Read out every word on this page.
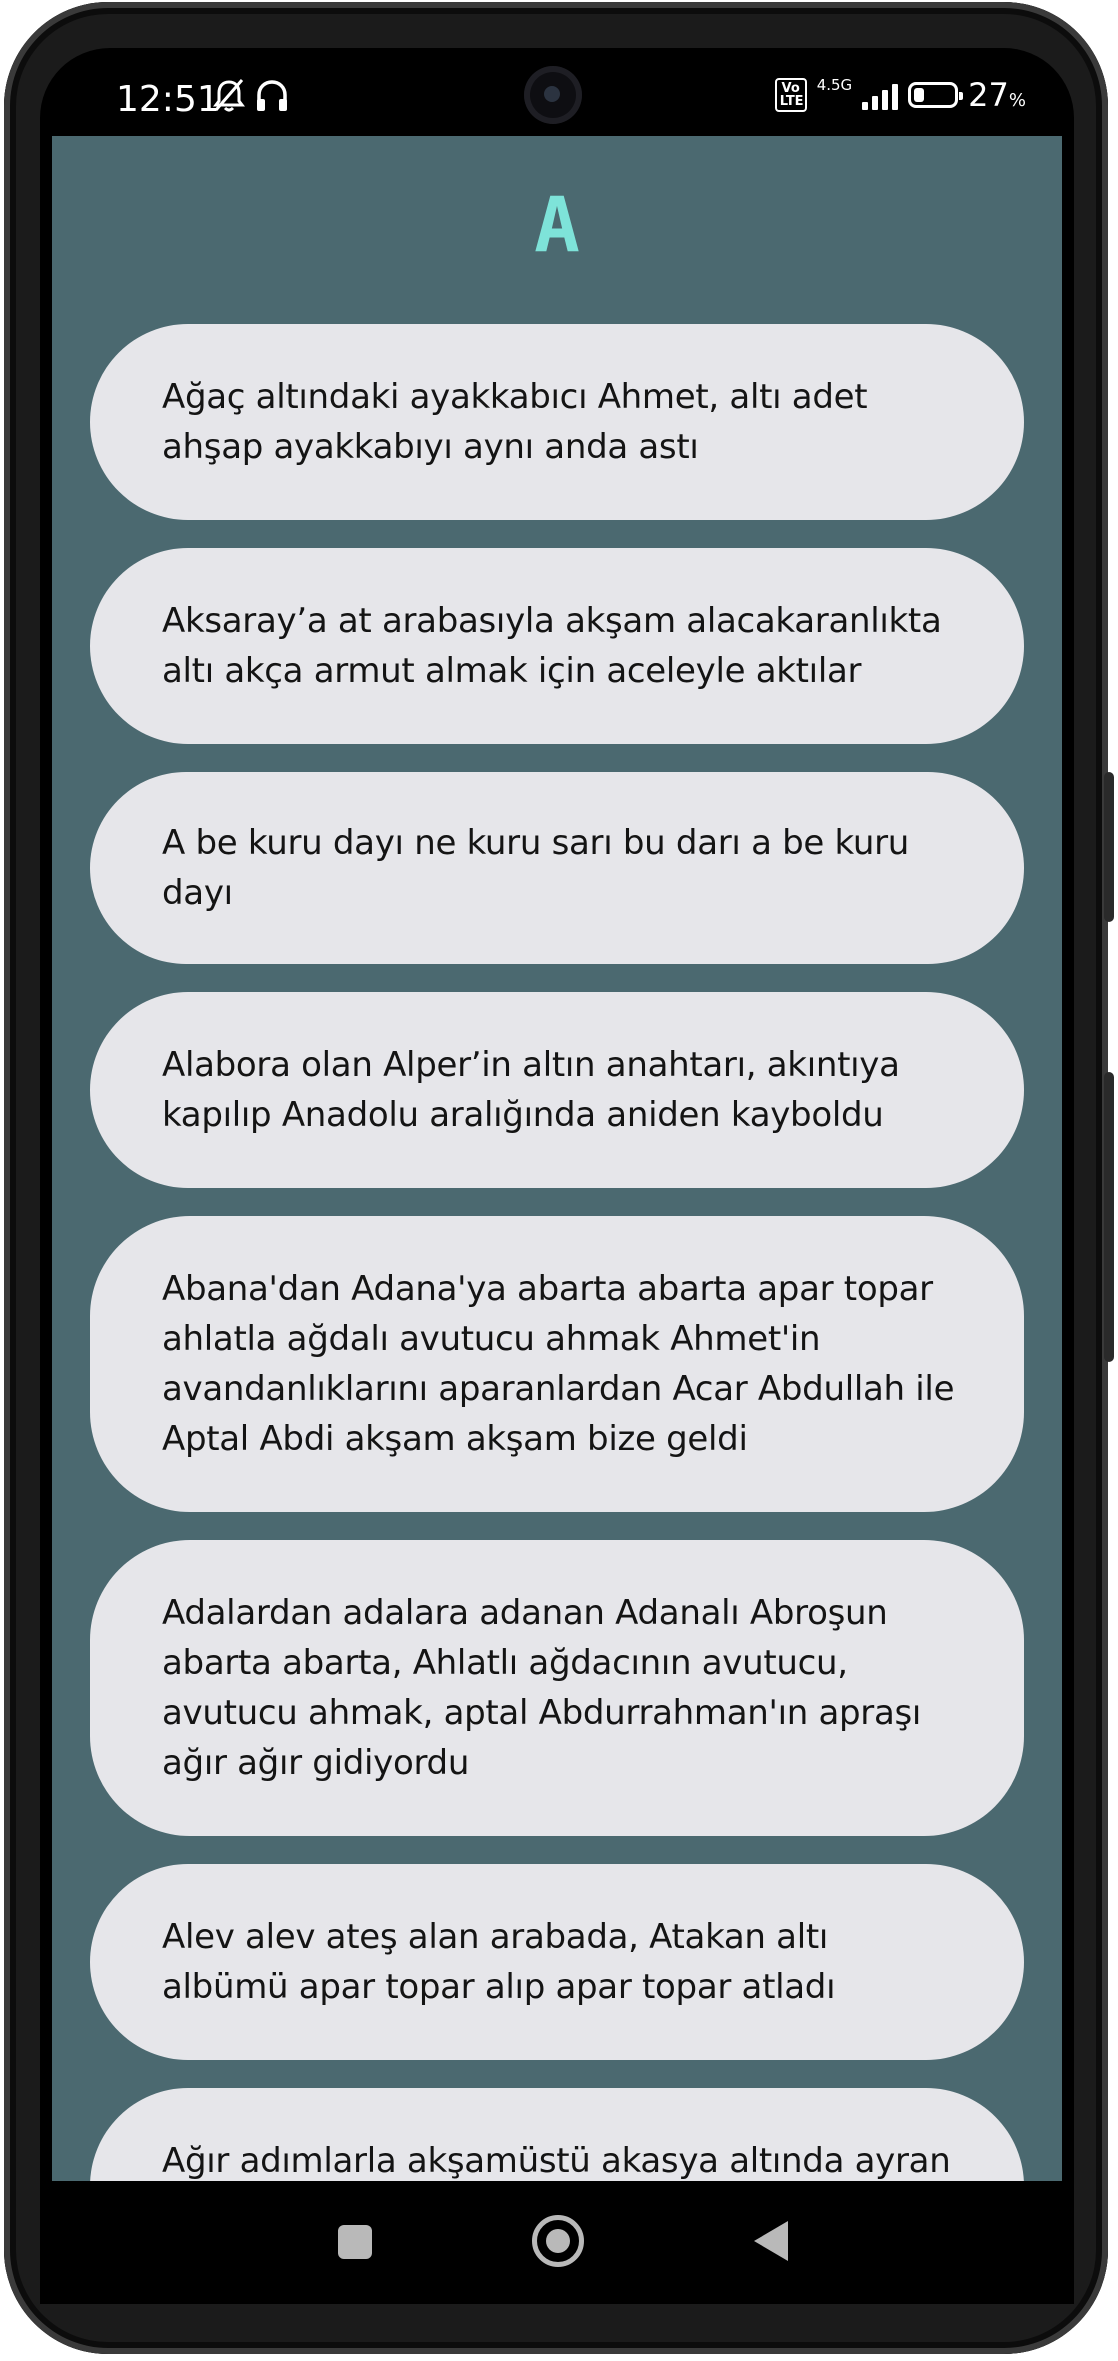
12:51	Vo LTE
4.5G	27%
A
Ağaç altındaki ayakkabıcı Ahmet, altı adet ahşap ayakkabıyı aynı anda astı
Aksaray’a at arabasıyla akşam alacakaranlıkta altı akça armut almak için aceleyle aktılar
A be kuru dayı ne kuru sarı bu darı a be kuru dayı
Alabora olan Alper’in altın anahtarı, akıntıya kapılıp Anadolu aralığında aniden kayboldu
Abana'dan Adana'ya abarta abarta apar topar ahlatla ağdalı avutucu ahmak Ahmet'in avandanlıklarını aparanlardan Acar Abdullah ile Aptal Abdi akşam akşam bize geldi
Adalardan adalara adanan Adanalı Abroşun abarta abarta, Ahlatlı ağdacının avutucu, avutucu ahmak, aptal Abdurrahman'ın apraşı ağır ağır gidiyordu
Alev alev ateş alan arabada, Atakan altı albümü apar topar alıp apar topar atladı
Ağır adımlarla akşamüstü akasya altında ayran
